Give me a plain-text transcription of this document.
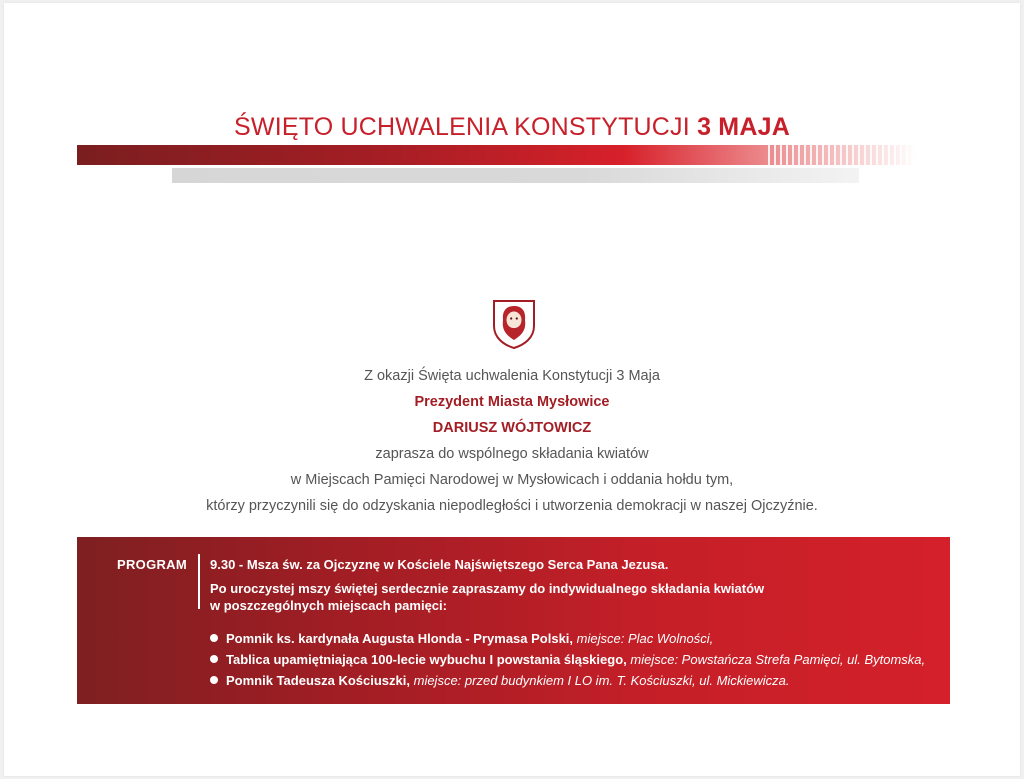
ŚWIĘTO UCHWALENIA KONSTYTUCJI 3 MAJA
Z okazji Święta uchwalenia Konstytucji 3 Maja
Prezydent Miasta Mysłowice
DARIUSZ WÓJTOWICZ
zaprasza do wspólnego składania kwiatów
w Miejscach Pamięci Narodowej w Mysłowicach i oddania hołdu tym,
którzy przyczynili się do odzyskania niepodległości i utworzenia demokracji w naszej Ojczyźnie.
PROGRAM 9.30 - Msza św. za Ojczyznę w Kościele Najświętszego Serca Pana Jezusa.
Po uroczystej mszy świętej serdecznie zapraszamy do indywidualnego składania kwiatów
w poszczególnych miejscach pamięci:
Pomnik ks. kardynała Augusta Hlonda - Prymasa Polski, miejsce: Plac Wolności,
Tablica upamiętniająca 100-lecie wybuchu I powstania śląskiego, miejsce: Powstańcza Strefa Pamięci, ul. Bytomska,
Pomnik Tadeusza Kościuszki, miejsce: przed budynkiem I LO im. T. Kościuszki, ul. Mickiewicza.
